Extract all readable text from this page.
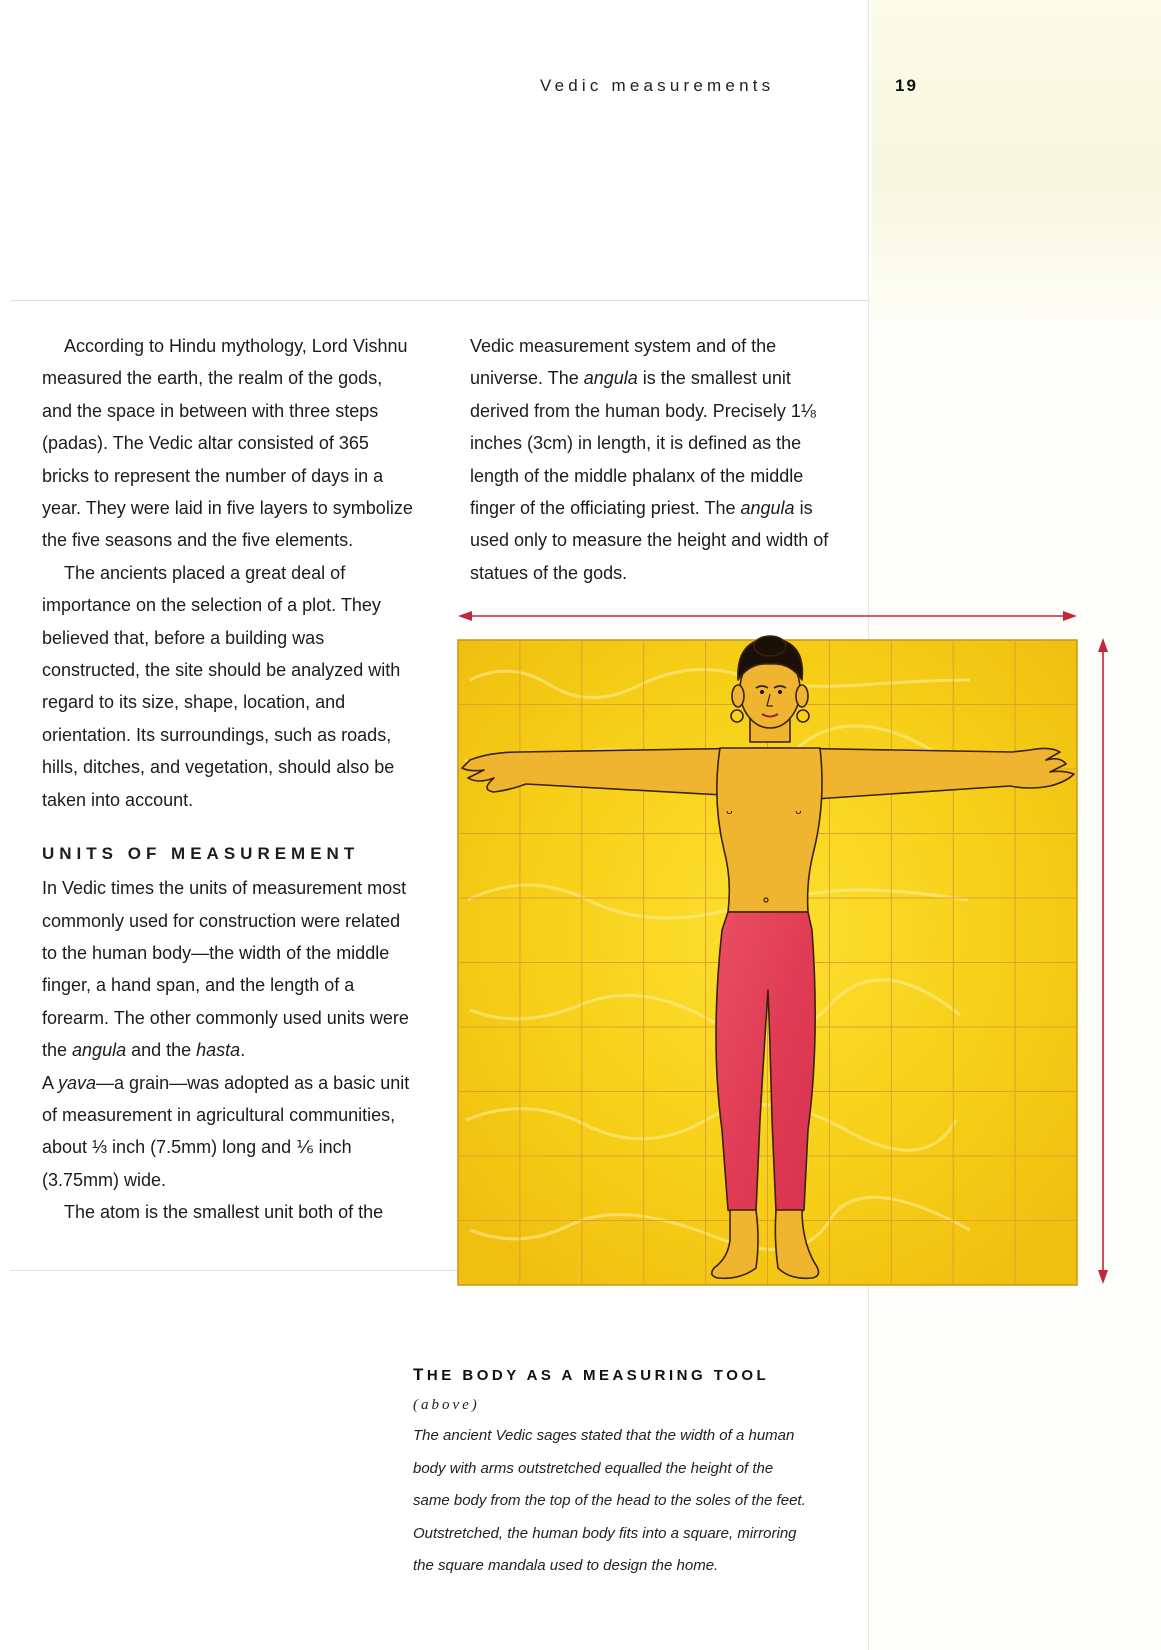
Vedic measurements	19

According to Hindu mythology, Lord Vishnu measured the earth, the realm of the gods, and the space in between with three steps (padas). The Vedic altar consisted of 365 bricks to represent the number of days in a year. They were laid in five layers to symbolize the five seasons and the five elements.

The ancients placed a great deal of importance on the selection of a plot. They believed that, before a building was constructed, the site should be analyzed with regard to its size, shape, location, and orientation. Its surroundings, such as roads, hills, ditches, and vegetation, should also be taken into account.

UNITS OF MEASUREMENT

In Vedic times the units of measurement most commonly used for construction were related to the human body—the width of the middle finger, a hand span, and the length of a forearm. The other commonly used units were the angula and the hasta.

A yava—a grain—was adopted as a basic unit of measurement in agricultural communities, about ⅓ inch (7.5mm) long and ⅙ inch (3.75mm) wide.

The atom is the smallest unit both of the

Vedic measurement system and of the universe. The angula is the smallest unit derived from the human body. Precisely 1⅛ inches (3cm) in length, it is defined as the length of the middle phalanx of the middle finger of the officiating priest. The angula is used only to measure the height and width of statues of the gods.

ᴗ	ᴗ
THE BODY AS A MEASURING TOOL
(above)
The ancient Vedic sages stated that the width of a human
body with arms outstretched equalled the height of the
same body from the top of the head to the soles of the feet.
Outstretched, the human body fits into a square, mirroring
the square mandala used to design the home.
